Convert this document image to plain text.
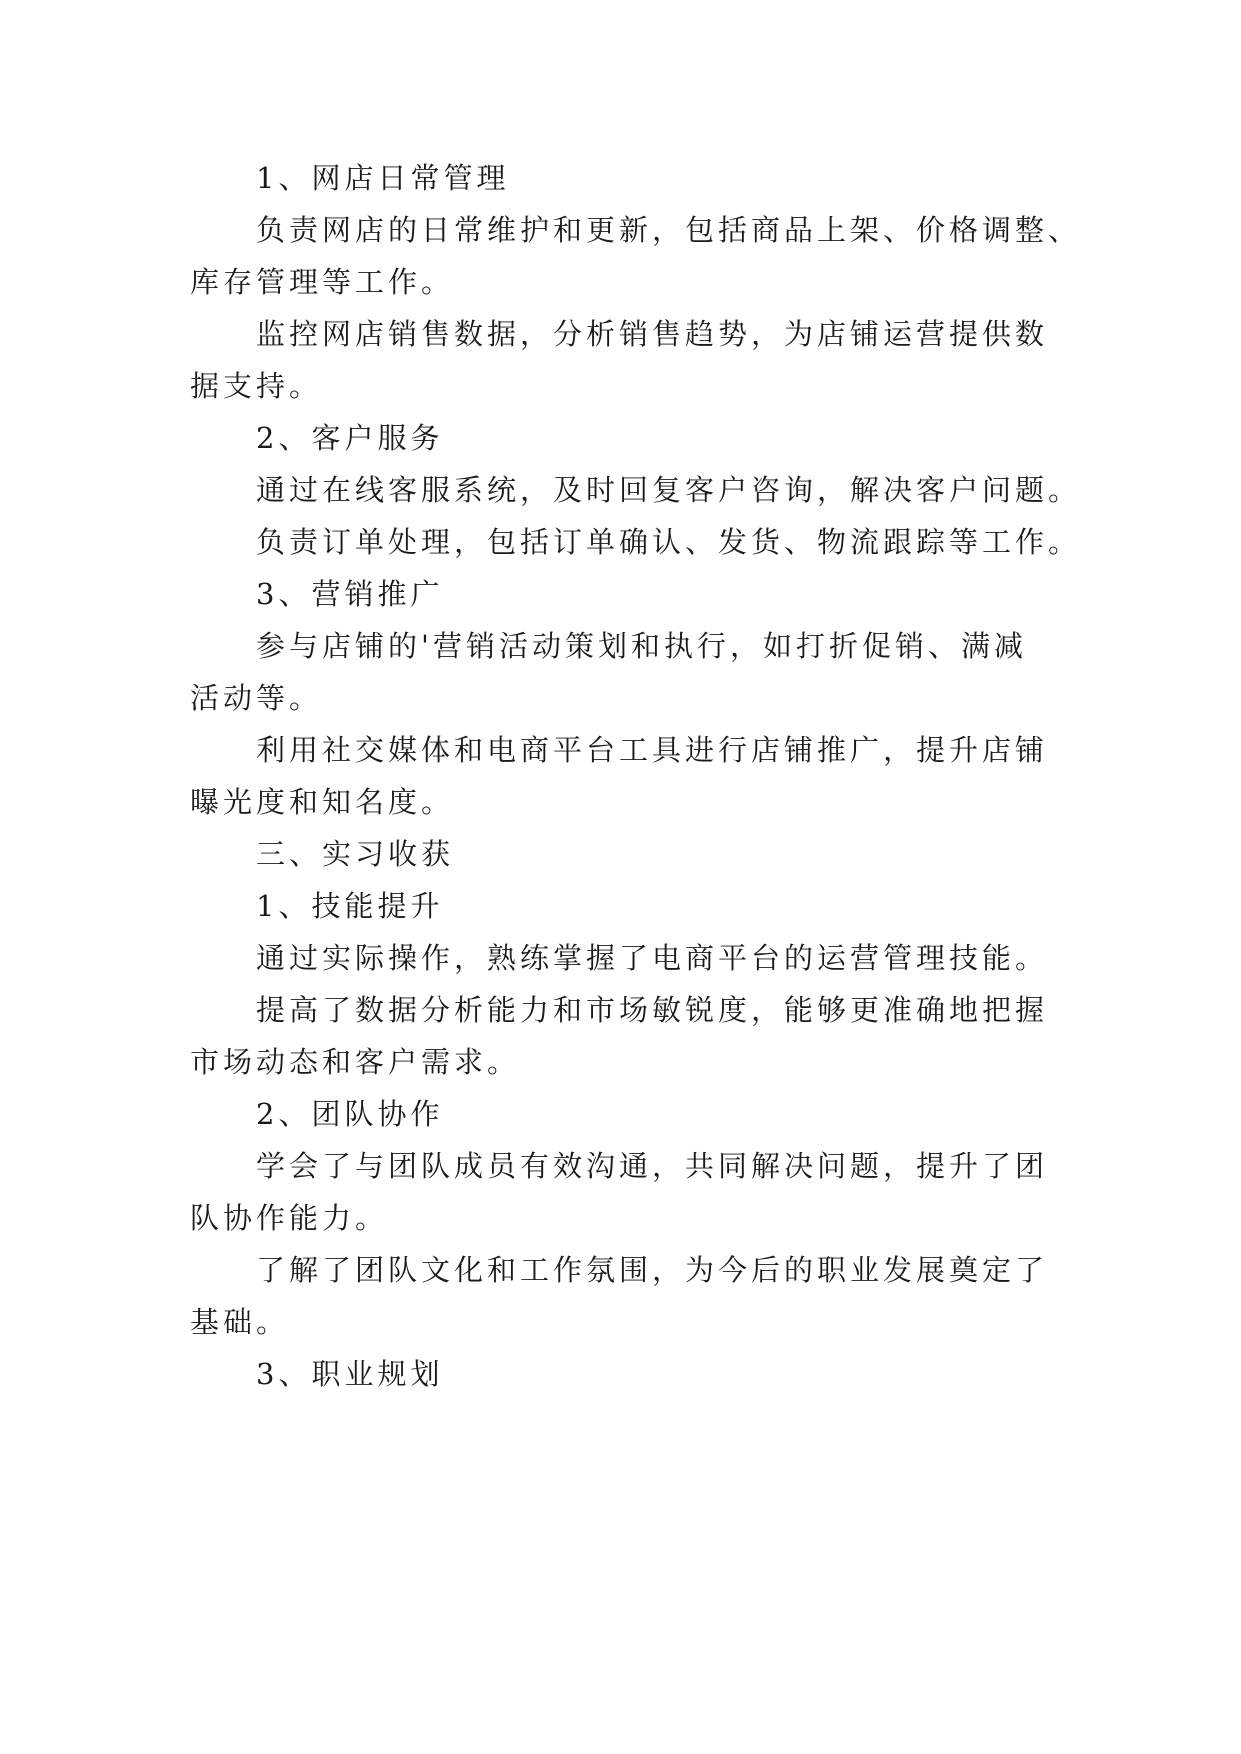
1、网店日常管理
负责网店的日常维护和更新，包括商品上架、价格调整、
库存管理等工作。
监控网店销售数据，分析销售趋势，为店铺运营提供数
据支持。
2、客户服务
通过在线客服系统，及时回复客户咨询，解决客户问题。
负责订单处理，包括订单确认、发货、物流跟踪等工作。
3、营销推广
参与店铺的'营销活动策划和执行，如打折促销、满减
活动等。
利用社交媒体和电商平台工具进行店铺推广，提升店铺
曝光度和知名度。
三、实习收获
1、技能提升
通过实际操作，熟练掌握了电商平台的运营管理技能。
提高了数据分析能力和市场敏锐度，能够更准确地把握
市场动态和客户需求。
2、团队协作
学会了与团队成员有效沟通，共同解决问题，提升了团
队协作能力。
了解了团队文化和工作氛围，为今后的职业发展奠定了
基础。
3、职业规划
